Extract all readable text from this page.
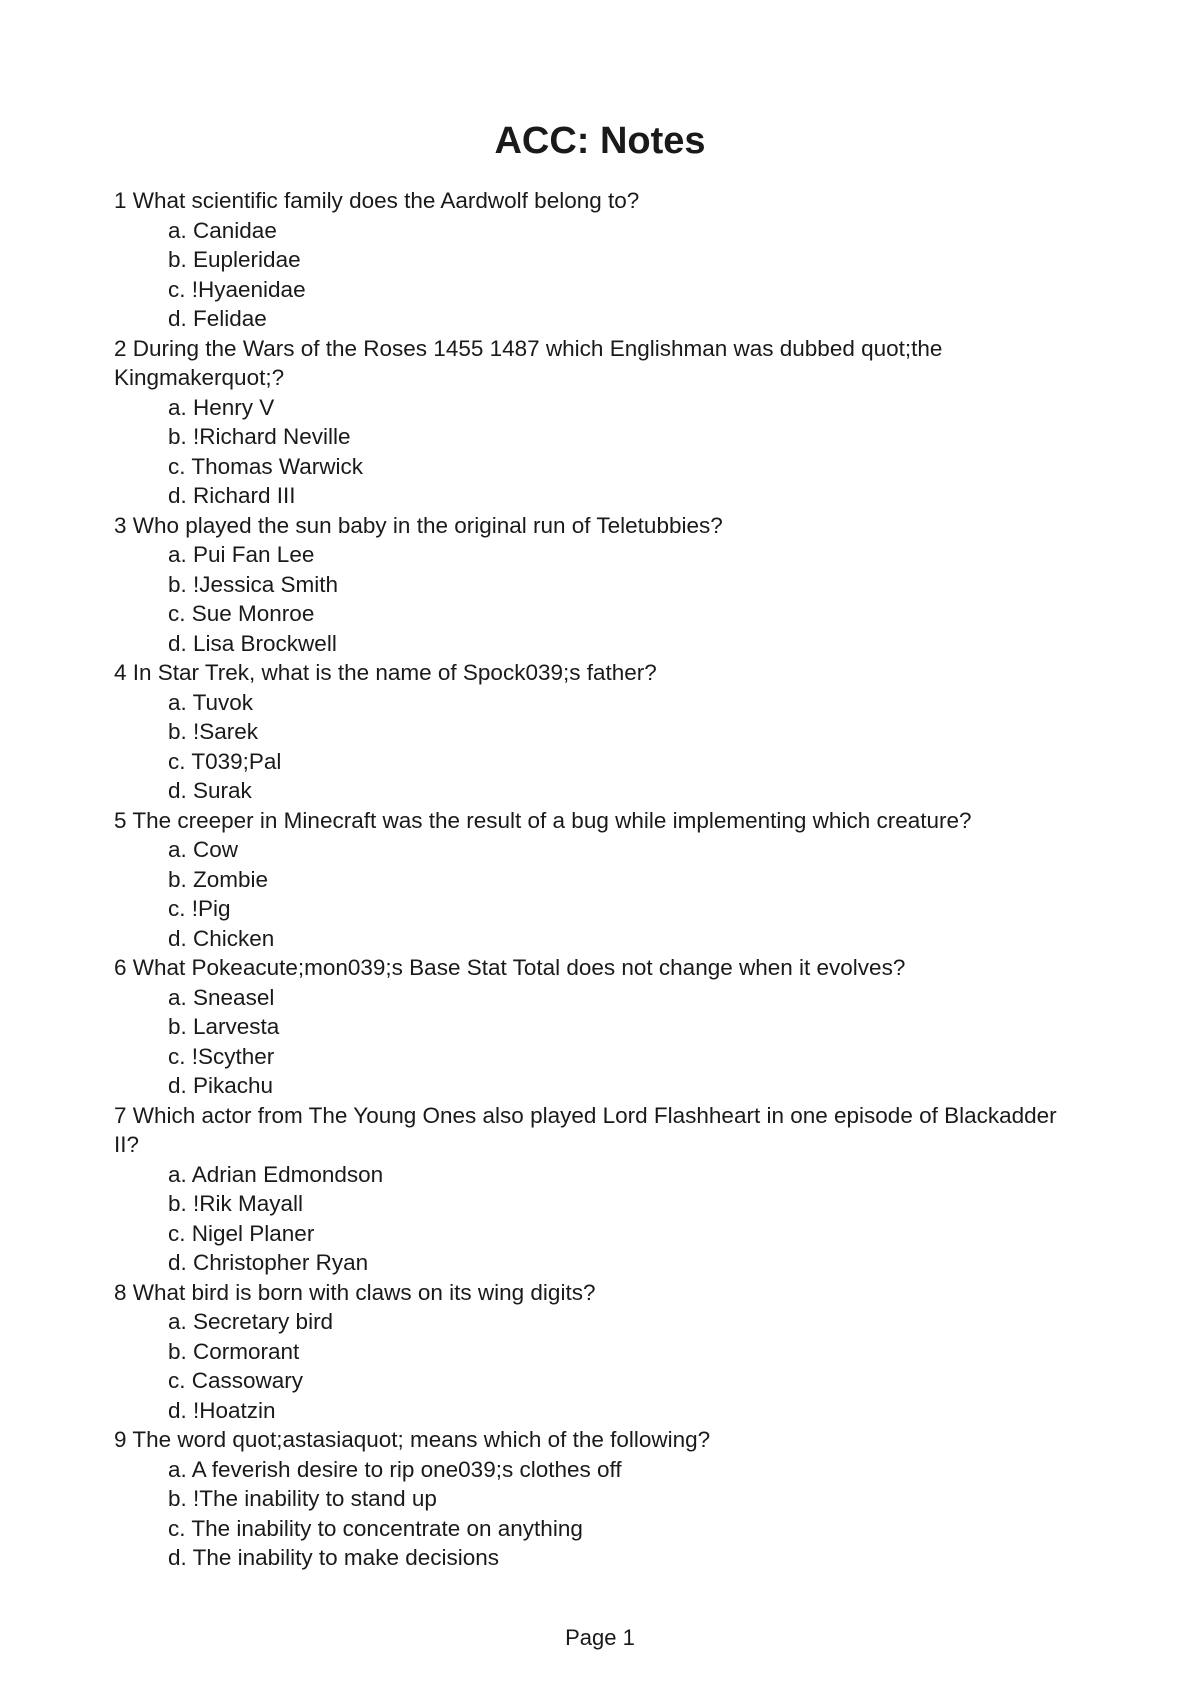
ACC: Notes

1 What scientific family does the Aardwolf belong to?

a. Canidae
b. Eupleridae
c. !Hyaenidae
d. Felidae

2 During the Wars of the Roses 1455 1487 which Englishman was dubbed quot;the Kingmakerquot;?

a. Henry V
b. !Richard Neville
c. Thomas Warwick
d. Richard III

3 Who played the sun baby in the original run of Teletubbies?

a. Pui Fan Lee
b. !Jessica Smith
c. Sue Monroe
d. Lisa Brockwell

4 In Star Trek, what is the name of Spock039;s father?

a. Tuvok
b. !Sarek
c. T039;Pal
d. Surak

5 The creeper in Minecraft was the result of a bug while implementing which creature?

a. Cow
b. Zombie
c. !Pig
d. Chicken

6 What Pokeacute;mon039;s Base Stat Total does not change when it evolves?

a. Sneasel
b. Larvesta
c. !Scyther
d. Pikachu

7 Which actor from The Young Ones also played Lord Flashheart in one episode of Blackadder II?

a. Adrian Edmondson
b. !Rik Mayall
c. Nigel Planer
d. Christopher Ryan

8 What bird is born with claws on its wing digits?

a. Secretary bird
b. Cormorant
c. Cassowary
d. !Hoatzin

9 The word quot;astasiaquot; means which of the following?

a. A feverish desire to rip one039;s clothes off
b. !The inability to stand up
c. The inability to concentrate on anything
d. The inability to make decisions

Page 1
